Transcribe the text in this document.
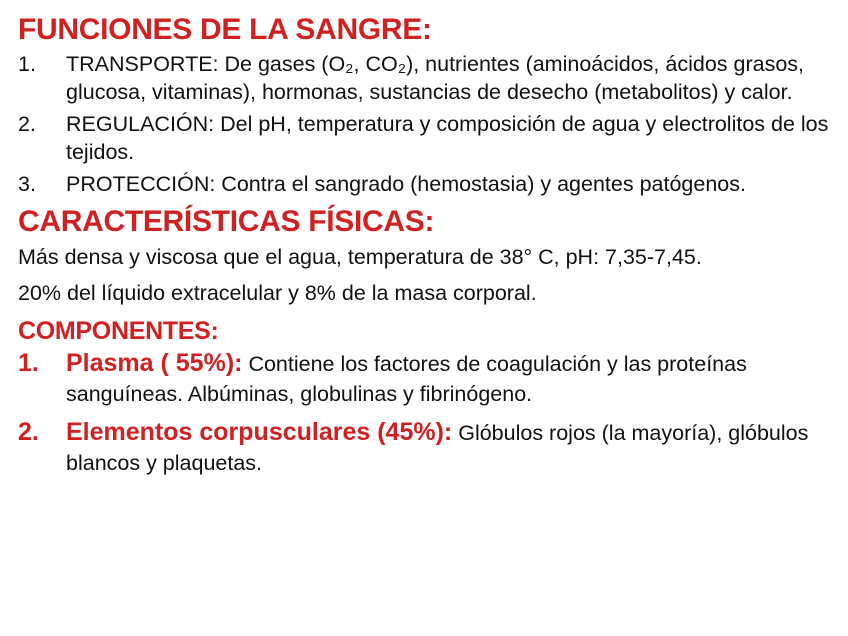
FUNCIONES DE LA SANGRE:
1.	TRANSPORTE: De gases (O₂, CO₂), nutrientes (aminoácidos, ácidos grasos, glucosa, vitaminas), hormonas, sustancias de desecho (metabolitos) y calor.
2.	REGULACIÓN: Del pH, temperatura y composición de agua y electrolitos de los tejidos.
3.	PROTECCIÓN: Contra el sangrado (hemostasia) y agentes patógenos.
CARACTERÍSTICAS FÍSICAS:

Más densa y viscosa que el agua, temperatura de 38° C, pH: 7,35-7,45.

20% del líquido extracelular y 8% de la masa corporal.

COMPONENTES:
1.	Plasma ( 55%): Contiene los factores de coagulación y las proteínas sanguíneas. Albúminas, globulinas y fibrinógeno.
2.	Elementos corpusculares (45%): Glóbulos rojos (la mayoría), glóbulos blancos y plaquetas.
